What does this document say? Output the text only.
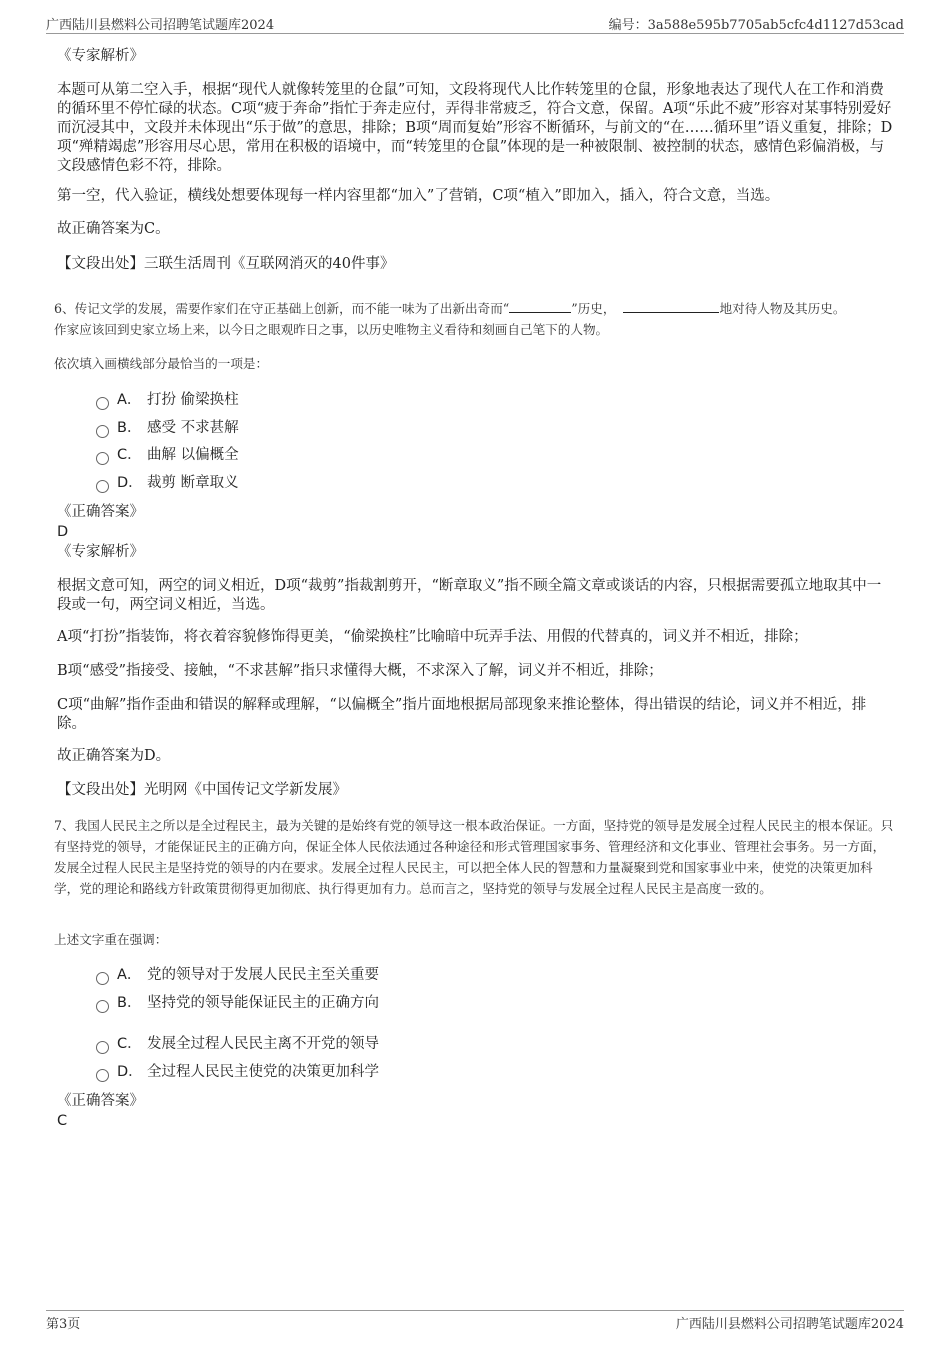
广西陆川县燃料公司招聘笔试题库2024	编号：3a588e595b7705ab5cfc4d1127d53cad
《专家解析》
本题可从第二空入手，根据“现代人就像转笼里的仓鼠”可知，文段将现代人比作转笼里的仓鼠，形象地表达了现代人在工作和消费的循环里不停忙碌的状态。C项“疲于奔命”指忙于奔走应付，弄得非常疲乏，符合文意，保留。A项“乐此不疲”形容对某事特别爱好而沉浸其中，文段并未体现出“乐于做”的意思，排除；B项“周而复始”形容不断循环，与前文的“在……循环里”语义重复，排除；D项“殚精竭虑”形容用尽心思，常用在积极的语境中，而“转笼里的仓鼠”体现的是一种被限制、被控制的状态，感情色彩偏消极，与文段感情色彩不符，排除。
第一空，代入验证，横线处想要体现每一样内容里都“加入”了营销，C项“植入”即加入，插入，符合文意，当选。
故正确答案为C。
【文段出处】三联生活周刊《互联网消灭的40件事》
6、传记文学的发展，需要作家们在守正基础上创新，而不能一味为了出新出奇而“	”历史，	地对待人物及其历史。
作家应该回到史家立场上来，以今日之眼观昨日之事，以历史唯物主义看待和刻画自己笔下的人物。
依次填入画横线部分最恰当的一项是：
A． 打扮 偷梁换柱
B． 感受 不求甚解
C． 曲解 以偏概全
D． 裁剪 断章取义
《正确答案》
D
《专家解析》
根据文意可知，两空的词义相近，D项“裁剪”指裁割剪开，“断章取义”指不顾全篇文章或谈话的内容，只根据需要孤立地取其中一段或一句，两空词义相近，当选。
A项“打扮”指装饰，将衣着容貌修饰得更美，“偷梁换柱”比喻暗中玩弄手法、用假的代替真的，词义并不相近，排除；
B项“感受”指接受、接触，“不求甚解”指只求懂得大概，不求深入了解，词义并不相近，排除；
C项“曲解”指作歪曲和错误的解释或理解，“以偏概全”指片面地根据局部现象来推论整体，得出错误的结论，词义并不相近，排除。
故正确答案为D。
【文段出处】光明网《中国传记文学新发展》
7、我国人民民主之所以是全过程民主，最为关键的是始终有党的领导这一根本政治保证。一方面，坚持党的领导是发展全过程人民民主的根本保证。只有坚持党的领导，才能保证民主的正确方向，保证全体人民依法通过各种途径和形式管理国家事务、管理经济和文化事业、管理社会事务。另一方面，发展全过程人民民主是坚持党的领导的内在要求。发展全过程人民民主，可以把全体人民的智慧和力量凝聚到党和国家事业中来，使党的决策更加科学，党的理论和路线方针政策贯彻得更加彻底、执行得更加有力。总而言之，坚持党的领导与发展全过程人民民主是高度一致的。
上述文字重在强调：
A． 党的领导对于发展人民民主至关重要
B． 坚持党的领导能保证民主的正确方向
C． 发展全过程人民民主离不开党的领导
D． 全过程人民民主使党的决策更加科学
《正确答案》
C
第3页	广西陆川县燃料公司招聘笔试题库2024
